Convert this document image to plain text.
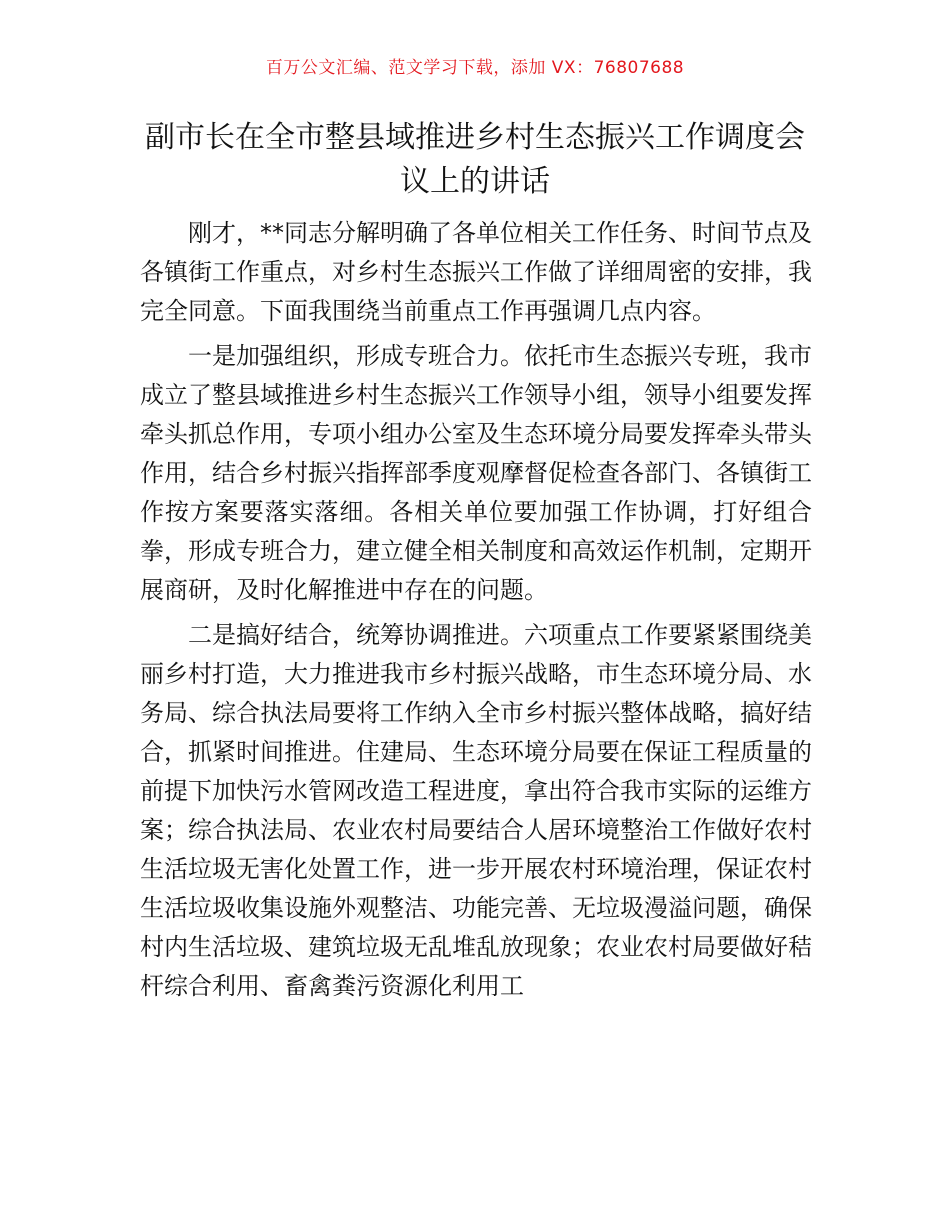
百万公文汇编、范文学习下载，添加 VX：76807688
副市长在全市整县域推进乡村生态振兴工作调度会议上的讲话

刚才，**同志分解明确了各单位相关工作任务、时间节点及各镇街工作重点，对乡村生态振兴工作做了详细周密的安排，我完全同意。下面我围绕当前重点工作再强调几点内容。

一是加强组织，形成专班合力。依托市生态振兴专班，我市成立了整县域推进乡村生态振兴工作领导小组，领导小组要发挥牵头抓总作用，专项小组办公室及生态环境分局要发挥牵头带头作用，结合乡村振兴指挥部季度观摩督促检查各部门、各镇街工作按方案要落实落细。各相关单位要加强工作协调，打好组合拳，形成专班合力，建立健全相关制度和高效运作机制，定期开展商研，及时化解推进中存在的问题。

二是搞好结合，统筹协调推进。六项重点工作要紧紧围绕美丽乡村打造，大力推进我市乡村振兴战略，市生态环境分局、水务局、综合执法局要将工作纳入全市乡村振兴整体战略，搞好结合，抓紧时间推进。住建局、生态环境分局要在保证工程质量的前提下加快污水管网改造工程进度，拿出符合我市实际的运维方案；综合执法局、农业农村局要结合人居环境整治工作做好农村生活垃圾无害化处置工作，进一步开展农村环境治理，保证农村生活垃圾收集设施外观整洁、功能完善、无垃圾漫溢问题，确保村内生活垃圾、建筑垃圾无乱堆乱放现象；农业农村局要做好秸杆综合利用、畜禽粪污资源化利用工
